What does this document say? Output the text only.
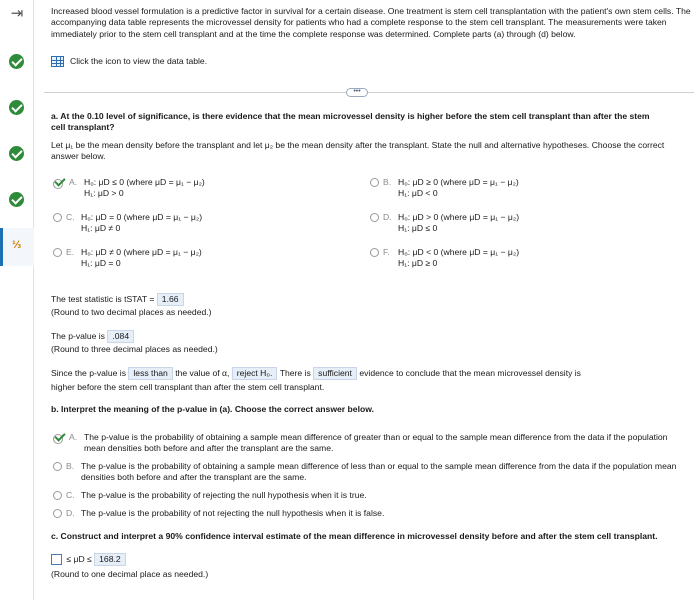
⇥
⅓
Increased blood vessel formulation is a predictive factor in survival for a certain disease. One treatment is stem cell transplantation with the patient's own stem cells. The accompanying data table represents the microvessel density for patients who had a complete response to the stem cell transplant. The measurements were taken immediately prior to the stem cell transplant and at the time the complete response was determined. Complete parts (a) through (d) below.
Click the icon to view the data table.
•••
a. At the 0.10 level of significance, is there evidence that the mean microvessel density is higher before the stem cell transplant than after the stem cell transplant?
Let μ₁ be the mean density before the transplant and let μ₂ be the mean density after the transplant. State the null and alternative hypotheses. Choose the correct answer below.
A. H₀: μD ≤ 0 (where μD = μ₁ − μ₂)
H₁: μD > 0
B. H₀: μD ≥ 0 (where μD = μ₁ − μ₂)
H₁: μD < 0
C. H₀: μD = 0 (where μD = μ₁ − μ₂)
H₁: μD ≠ 0
D. H₀: μD > 0 (where μD = μ₁ − μ₂)
H₁: μD ≤ 0
E. H₀: μD ≠ 0 (where μD = μ₁ − μ₂)
H₁: μD = 0
F. H₀: μD < 0 (where μD = μ₁ − μ₂)
H₁: μD ≥ 0
The test statistic is tSTAT = 1.66
(Round to two decimal places as needed.)
The p-value is .084
(Round to three decimal places as needed.)
Since the p-value is less than the value of α, reject H₀. There is sufficient evidence to conclude that the mean microvessel density is
higher before the stem cell transplant than after the stem cell transplant.
b. Interpret the meaning of the p-value in (a). Choose the correct answer below.
A. The p-value is the probability of obtaining a sample mean difference of greater than or equal to the sample mean difference from the data if the population mean densities both before and after the transplant are the same.
B. The p-value is the probability of obtaining a sample mean difference of less than or equal to the sample mean difference from the data if the population mean densities both before and after the transplant are the same.
C. The p-value is the probability of rejecting the null hypothesis when it is true.
D. The p-value is the probability of not rejecting the null hypothesis when it is false.
c. Construct and interpret a 90% confidence interval estimate of the mean difference in microvessel density before and after the stem cell transplant.
≤ μD ≤ 168.2
(Round to one decimal place as needed.)
